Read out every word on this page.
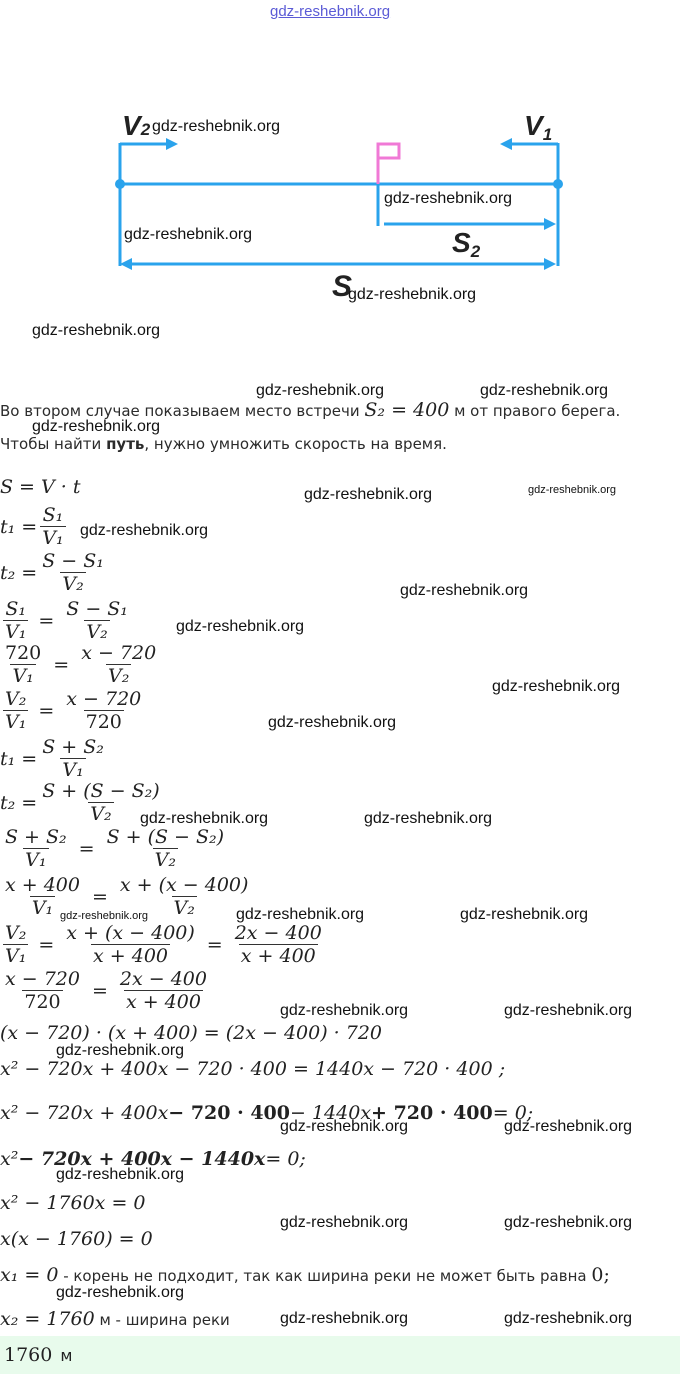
gdz-reshebnik.org
V2	V1
S2
S
gdz-reshebnik.org
gdz-reshebnik.org
gdz-reshebnik.org
gdz-reshebnik.org
gdz-reshebnik.org
gdz-reshebnik.org	gdz-reshebnik.org
Во втором случае показываем место встречи S₂ = 400 м от правого берега.
gdz-reshebnik.org
Чтобы найти путь, нужно умножить скорость на время.
S = V · t	gdz-reshebnik.org	gdz-reshebnik.org
$t_1 = \frac{\text{S₁}}{\text{V₁}}$ gdz-reshebnik.org
$t_2 = \frac{\text{S − S₁}}{\text{V₂}}$	gdz-reshebnik.org
$\frac{\text{S₁}}{\text{V₁}} = \frac{\text{S − S₁}}{\text{V₂}}$	gdz-reshebnik.org
$\frac{720}{\text{V₁}} = \frac{x - 720}{\text{V₂}}$	gdz-reshebnik.org
$\frac{\text{V₂}}{\text{V₁}} = \frac{x - 720}{720}$	gdz-reshebnik.org
$t_1 = \frac{\text{S + S₂}}{\text{V₁}}$
$t_2 = \frac{\text{S + (S − S₂)}}{\text{V₂}}$
gdz-reshebnik.org	gdz-reshebnik.org
$\frac{\text{S + S₂}}{\text{V₁}} = \frac{\text{S + (S − S₂)}}{\text{V₂}}$
$\frac{x + 400}{\text{V₁}} = \frac{x + (x - 400)}{\text{V₂}}$
gdz-reshebnik.org	gdz-reshebnik.org	gdz-reshebnik.org
$\frac{\text{V₂}}{\text{V₁}} = \frac{x + (x - 400)}{x + 400} = \frac{2x - 400}{x + 400}$
$\frac{x - 720}{720} = \frac{2x - 400}{x + 400}$	gdz-reshebnik.org	gdz-reshebnik.org
(x − 720) · (x + 400) = (2x − 400) · 720
gdz-reshebnik.org
x² − 720x + 400x − 720 · 400 = 1440x − 720 · 400 ;
x² − 720x + 400x − 720 · 400 − 1440x + 720 · 400 = 0;
gdz-reshebnik.org	gdz-reshebnik.org
x² − 720x + 400x − 1440x = 0;
gdz-reshebnik.org
x² − 1760x = 0
gdz-reshebnik.org	gdz-reshebnik.org
x(x − 1760) = 0
x₁ = 0 - корень не подходит, так как ширина реки не может быть равна 0;
gdz-reshebnik.org
x₂ = 1760 м - ширина реки	gdz-reshebnik.org	gdz-reshebnik.org
1760 м
